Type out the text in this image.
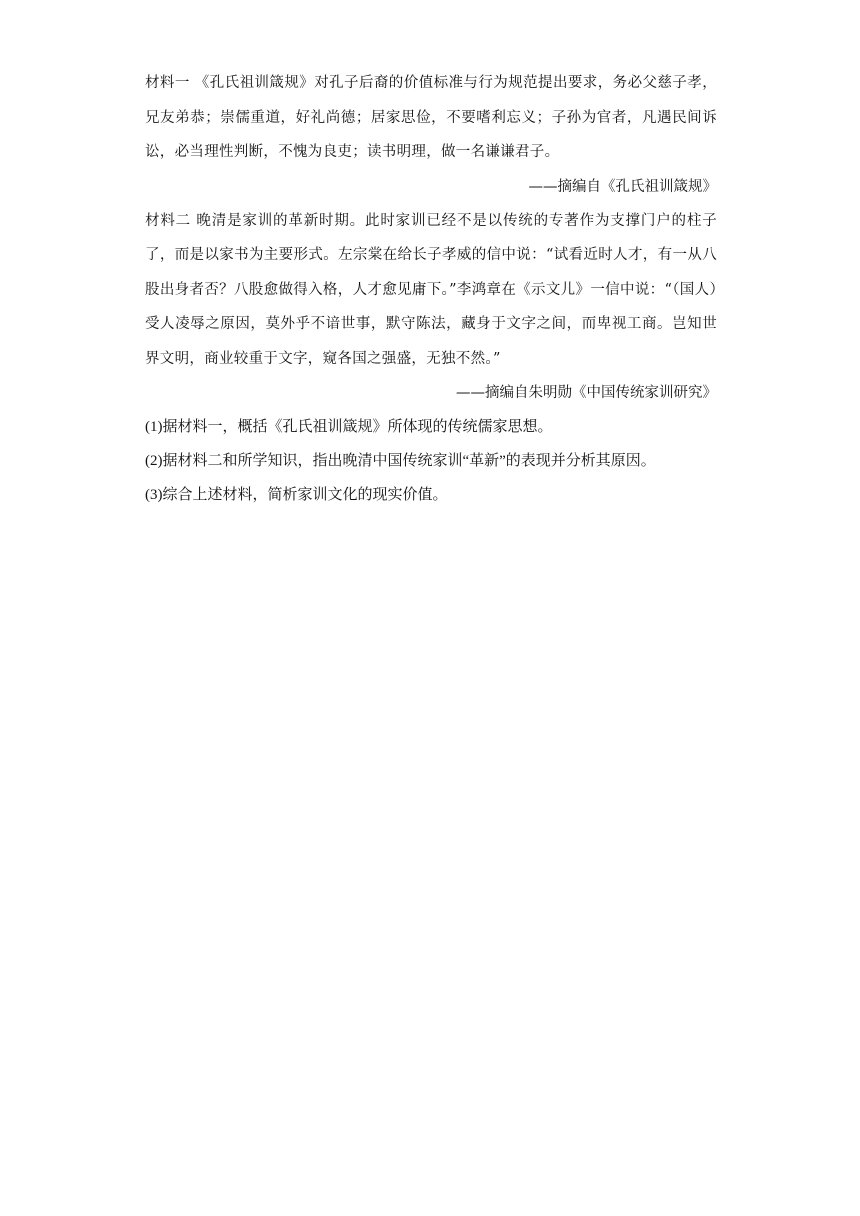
材料一 《孔氏祖训箴规》对孔子后裔的价值标准与行为规范提出要求，务必父慈子孝，兄友弟恭；崇儒重道，好礼尚德；居家思俭，不要嗜利忘义；子孙为官者，凡遇民间诉讼，必当理性判断，不愧为良吏；读书明理，做一名谦谦君子。

——摘编自《孔氏祖训箴规》

材料二 晚清是家训的革新时期。此时家训已经不是以传统的专著作为支撑门户的柱子了，而是以家书为主要形式。左宗棠在给长子孝威的信中说：“试看近时人才，有一从八股出身者否？八股愈做得入格，人才愈见庸下。”李鸿章在《示文儿》一信中说：“（国人）受人凌辱之原因，莫外乎不谙世事，默守陈法，藏身于文字之间，而卑视工商。岂知世界文明，商业较重于文字，窥各国之强盛，无独不然。”

——摘编自朱明勋《中国传统家训研究》

(1)据材料一，概括《孔氏祖训箴规》所体现的传统儒家思想。

(2)据材料二和所学知识，指出晚清中国传统家训“革新”的表现并分析其原因。

(3)综合上述材料，简析家训文化的现实价值。
